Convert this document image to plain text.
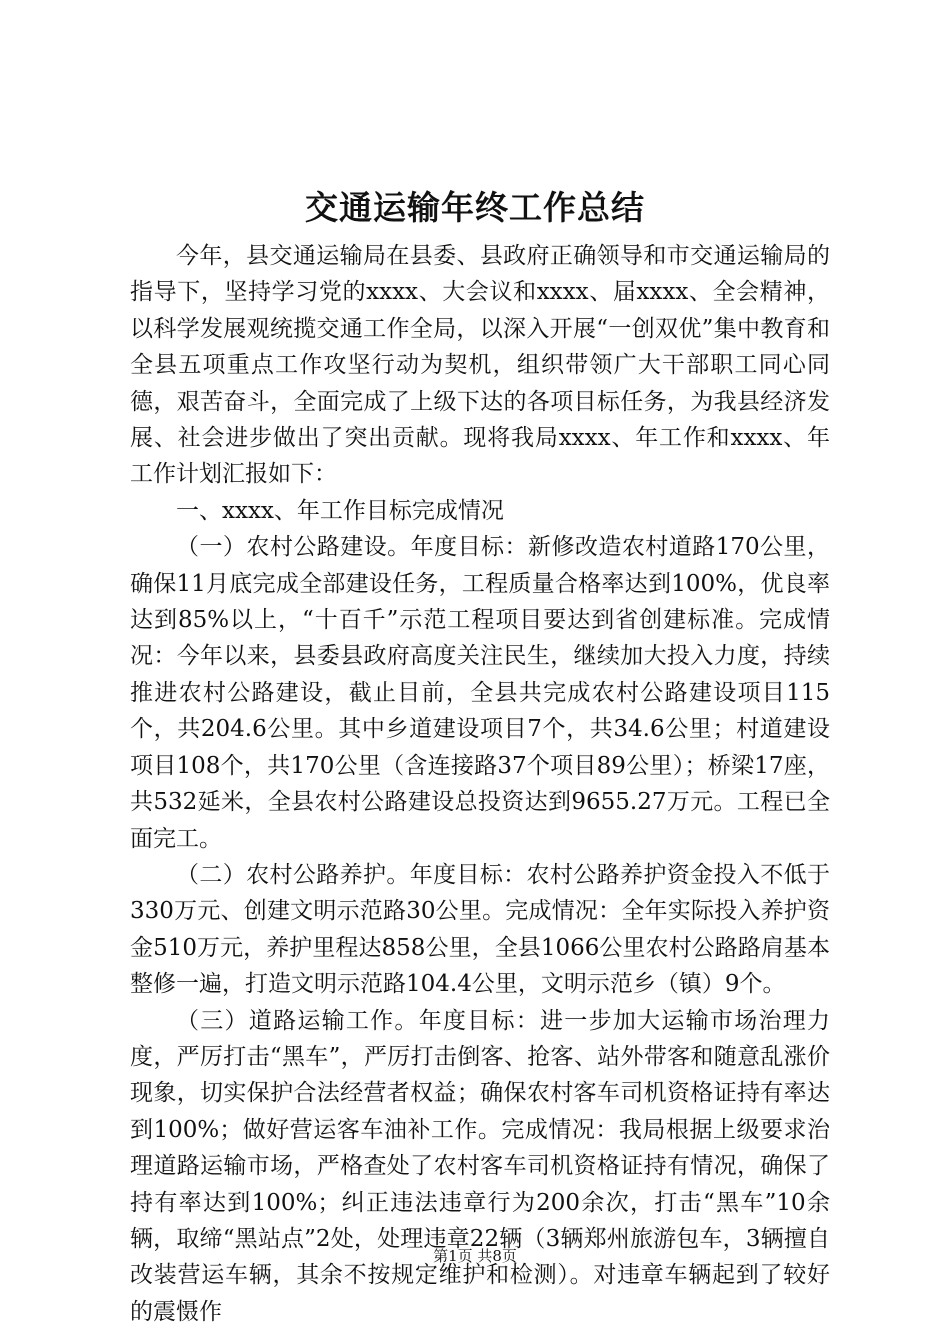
交通运输年终工作总结

今年，县交通运输局在县委、县政府正确领导和市交通运输局的指导下，坚持学习党的xxxx、大会议和xxxx、届xxxx、全会精神，以科学发展观统揽交通工作全局，以深入开展“一创双优”集中教育和全县五项重点工作攻坚行动为契机，组织带领广大干部职工同心同德，艰苦奋斗，全面完成了上级下达的各项目标任务，为我县经济发展、社会进步做出了突出贡献。现将我局xxxx、年工作和xxxx、年工作计划汇报如下：

一、xxxx、年工作目标完成情况

（一）农村公路建设。年度目标：新修改造农村道路170公里，确保11月底完成全部建设任务，工程质量合格率达到100%，优良率达到85%以上，“十百千”示范工程项目要达到省创建标准。完成情况：今年以来，县委县政府高度关注民生，继续加大投入力度，持续推进农村公路建设，截止目前，全县共完成农村公路建设项目115个，共204.6公里。其中乡道建设项目7个，共34.6公里；村道建设项目108个，共170公里（含连接路37个项目89公里）；桥梁17座，共532延米，全县农村公路建设总投资达到9655.27万元。工程已全面完工。

（二）农村公路养护。年度目标：农村公路养护资金投入不低于330万元、创建文明示范路30公里。完成情况：全年实际投入养护资金510万元，养护里程达858公里，全县1066公里农村公路路肩基本整修一遍，打造文明示范路104.4公里，文明示范乡（镇）9个。

（三）道路运输工作。年度目标：进一步加大运输市场治理力度，严厉打击“黑车”，严厉打击倒客、抢客、站外带客和随意乱涨价现象，切实保护合法经营者权益；确保农村客车司机资格证持有率达到100%；做好营运客车油补工作。完成情况：我局根据上级要求治理道路运输市场，严格查处了农村客车司机资格证持有情况，确保了持有率达到100%；纠正违法违章行为200余次，打击“黑车”10余辆，取缔“黑站点”2处，处理违章22辆（3辆郑州旅游包车，3辆擅自改装营运车辆，其余不按规定维护和检测）。对违章车辆起到了较好的震慑作

第1页 共8页
